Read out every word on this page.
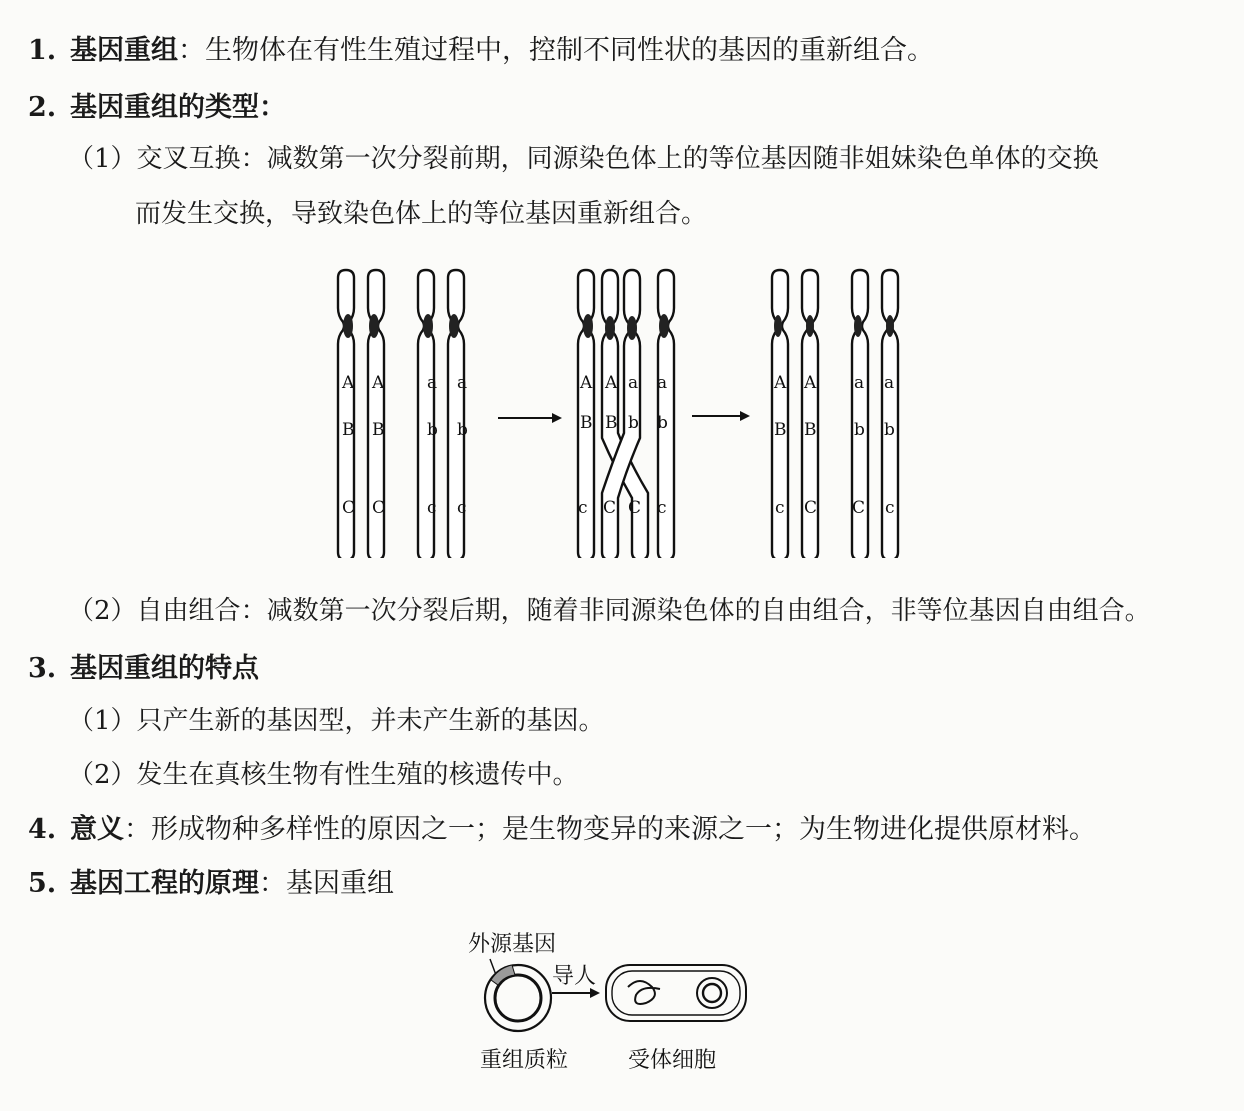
1. 基因重组：生物体在有性生殖过程中，控制不同性状的基因的重新组合。
2. 基因重组的类型：
（1）交叉互换：减数第一次分裂前期，同源染色体上的等位基因随非姐妹染色单体的交换
而发生交换，导致染色体上的等位基因重新组合。
A A
B B
C C
a a
b b
c c
A A a a
B B b b
c C C c
A A
B B
c C
a a
b b
C c
（2）自由组合：减数第一次分裂后期，随着非同源染色体的自由组合，非等位基因自由组合。
3. 基因重组的特点
（1）只产生新的基因型，并未产生新的基因。
（2）发生在真核生物有性生殖的核遗传中。
4. 意义：形成物种多样性的原因之一；是生物变异的来源之一；为生物进化提供原材料。
5. 基因工程的原理：基因重组
外源基因
导人
重组质粒	受体细胞
